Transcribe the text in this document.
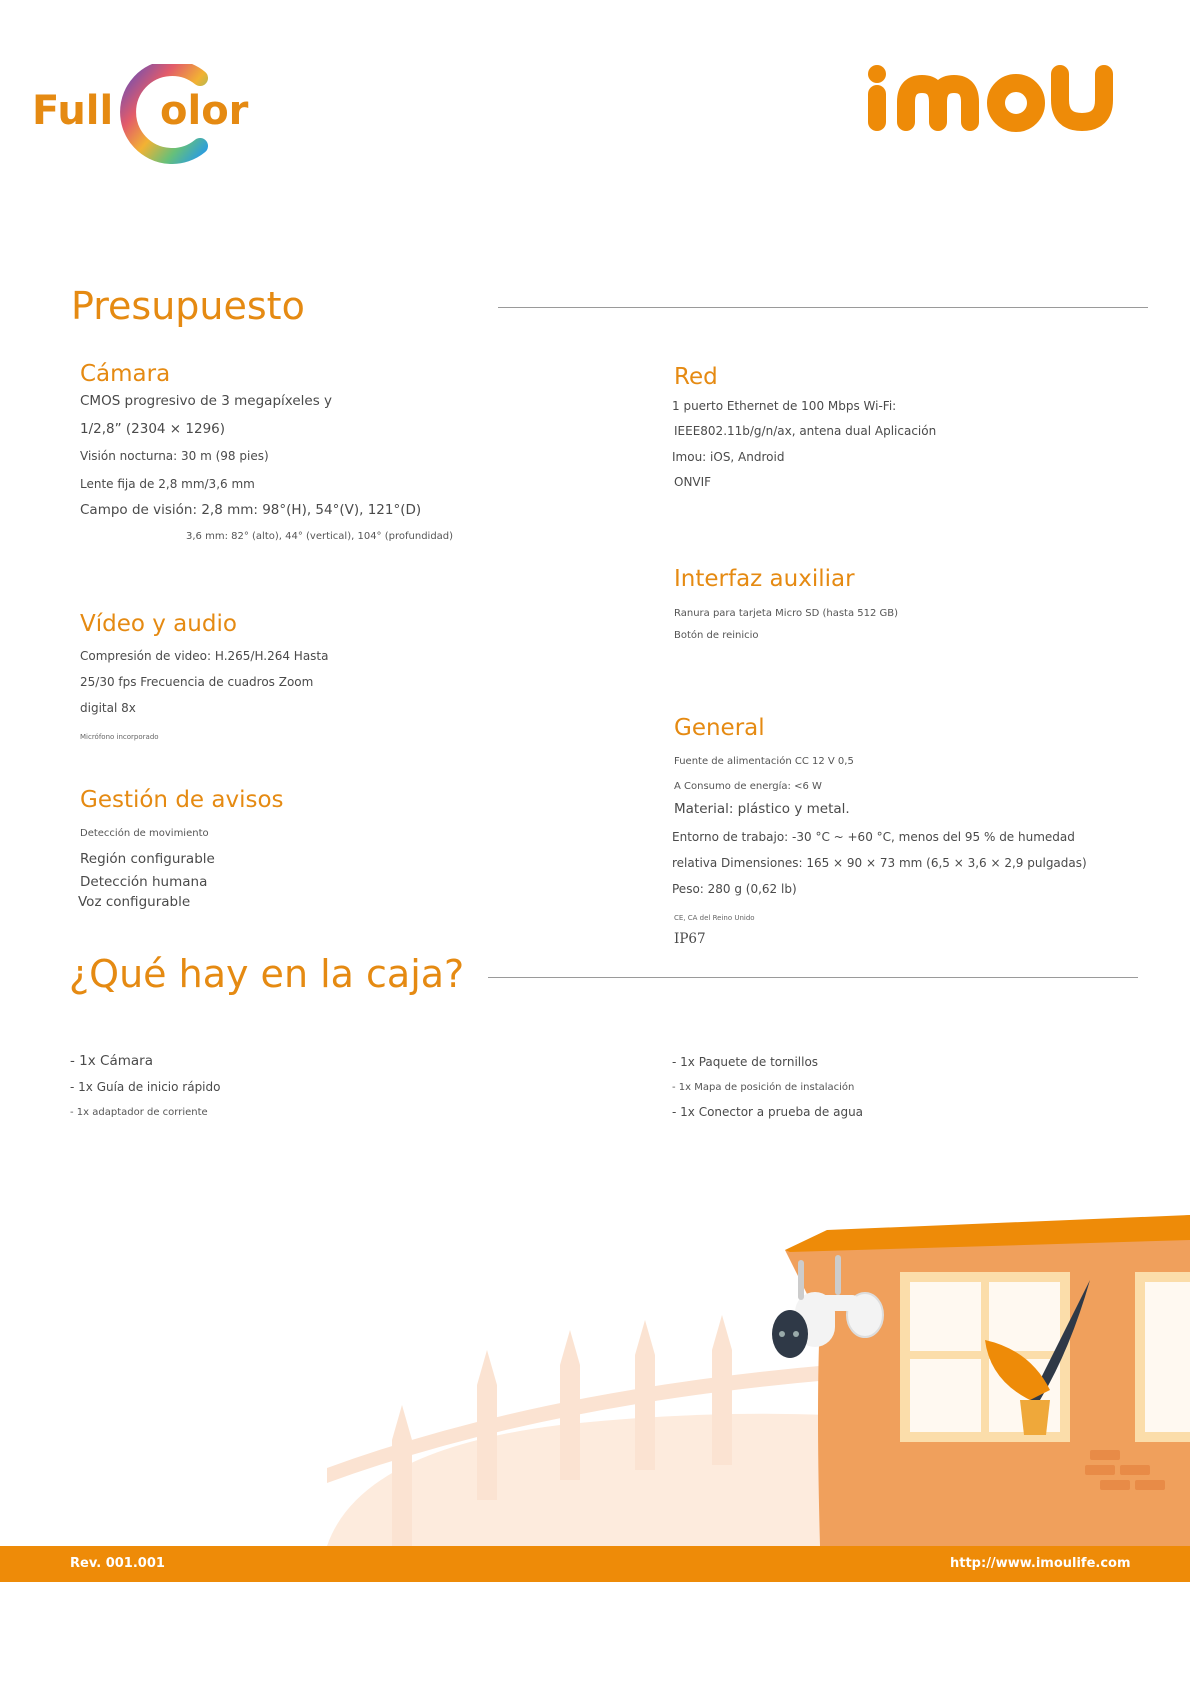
Full olor
Presupuesto
Cámara
CMOS progresivo de 3 megapíxeles y
1/2,8” (2304 × 1296)
Visión nocturna: 30 m (98 pies)
Lente fija de 2,8 mm/3,6 mm
Campo de visión: 2,8 mm: 98°(H), 54°(V), 121°(D)
3,6 mm: 82° (alto), 44° (vertical), 104° (profundidad)
Vídeo y audio
Compresión de video: H.265/H.264 Hasta
25/30 fps Frecuencia de cuadros Zoom
digital 8x
Micrófono incorporado
Gestión de avisos
Detección de movimiento
Región configurable
Detección humana
Voz configurable
Red
1 puerto Ethernet de 100 Mbps Wi-Fi:
IEEE802.11b/g/n/ax, antena dual Aplicación
Imou: iOS, Android
ONVIF
Interfaz auxiliar
Ranura para tarjeta Micro SD (hasta 512 GB)
Botón de reinicio
General
Fuente de alimentación CC 12 V 0,5
A Consumo de energía: <6 W
Material: plástico y metal.
Entorno de trabajo: -30 °C ~ +60 °C, menos del 95 % de humedad
relativa Dimensiones: 165 × 90 × 73 mm (6,5 × 3,6 × 2,9 pulgadas)
Peso: 280 g (0,62 lb)
CE, CA del Reino Unido
IP67
¿Qué hay en la caja?
- 1x Cámara
- 1x Guía de inicio rápido
- 1x adaptador de corriente
- 1x Paquete de tornillos
- 1x Mapa de posición de instalación
- 1x Conector a prueba de agua
Rev. 001.001	http://www.imoulife.com
